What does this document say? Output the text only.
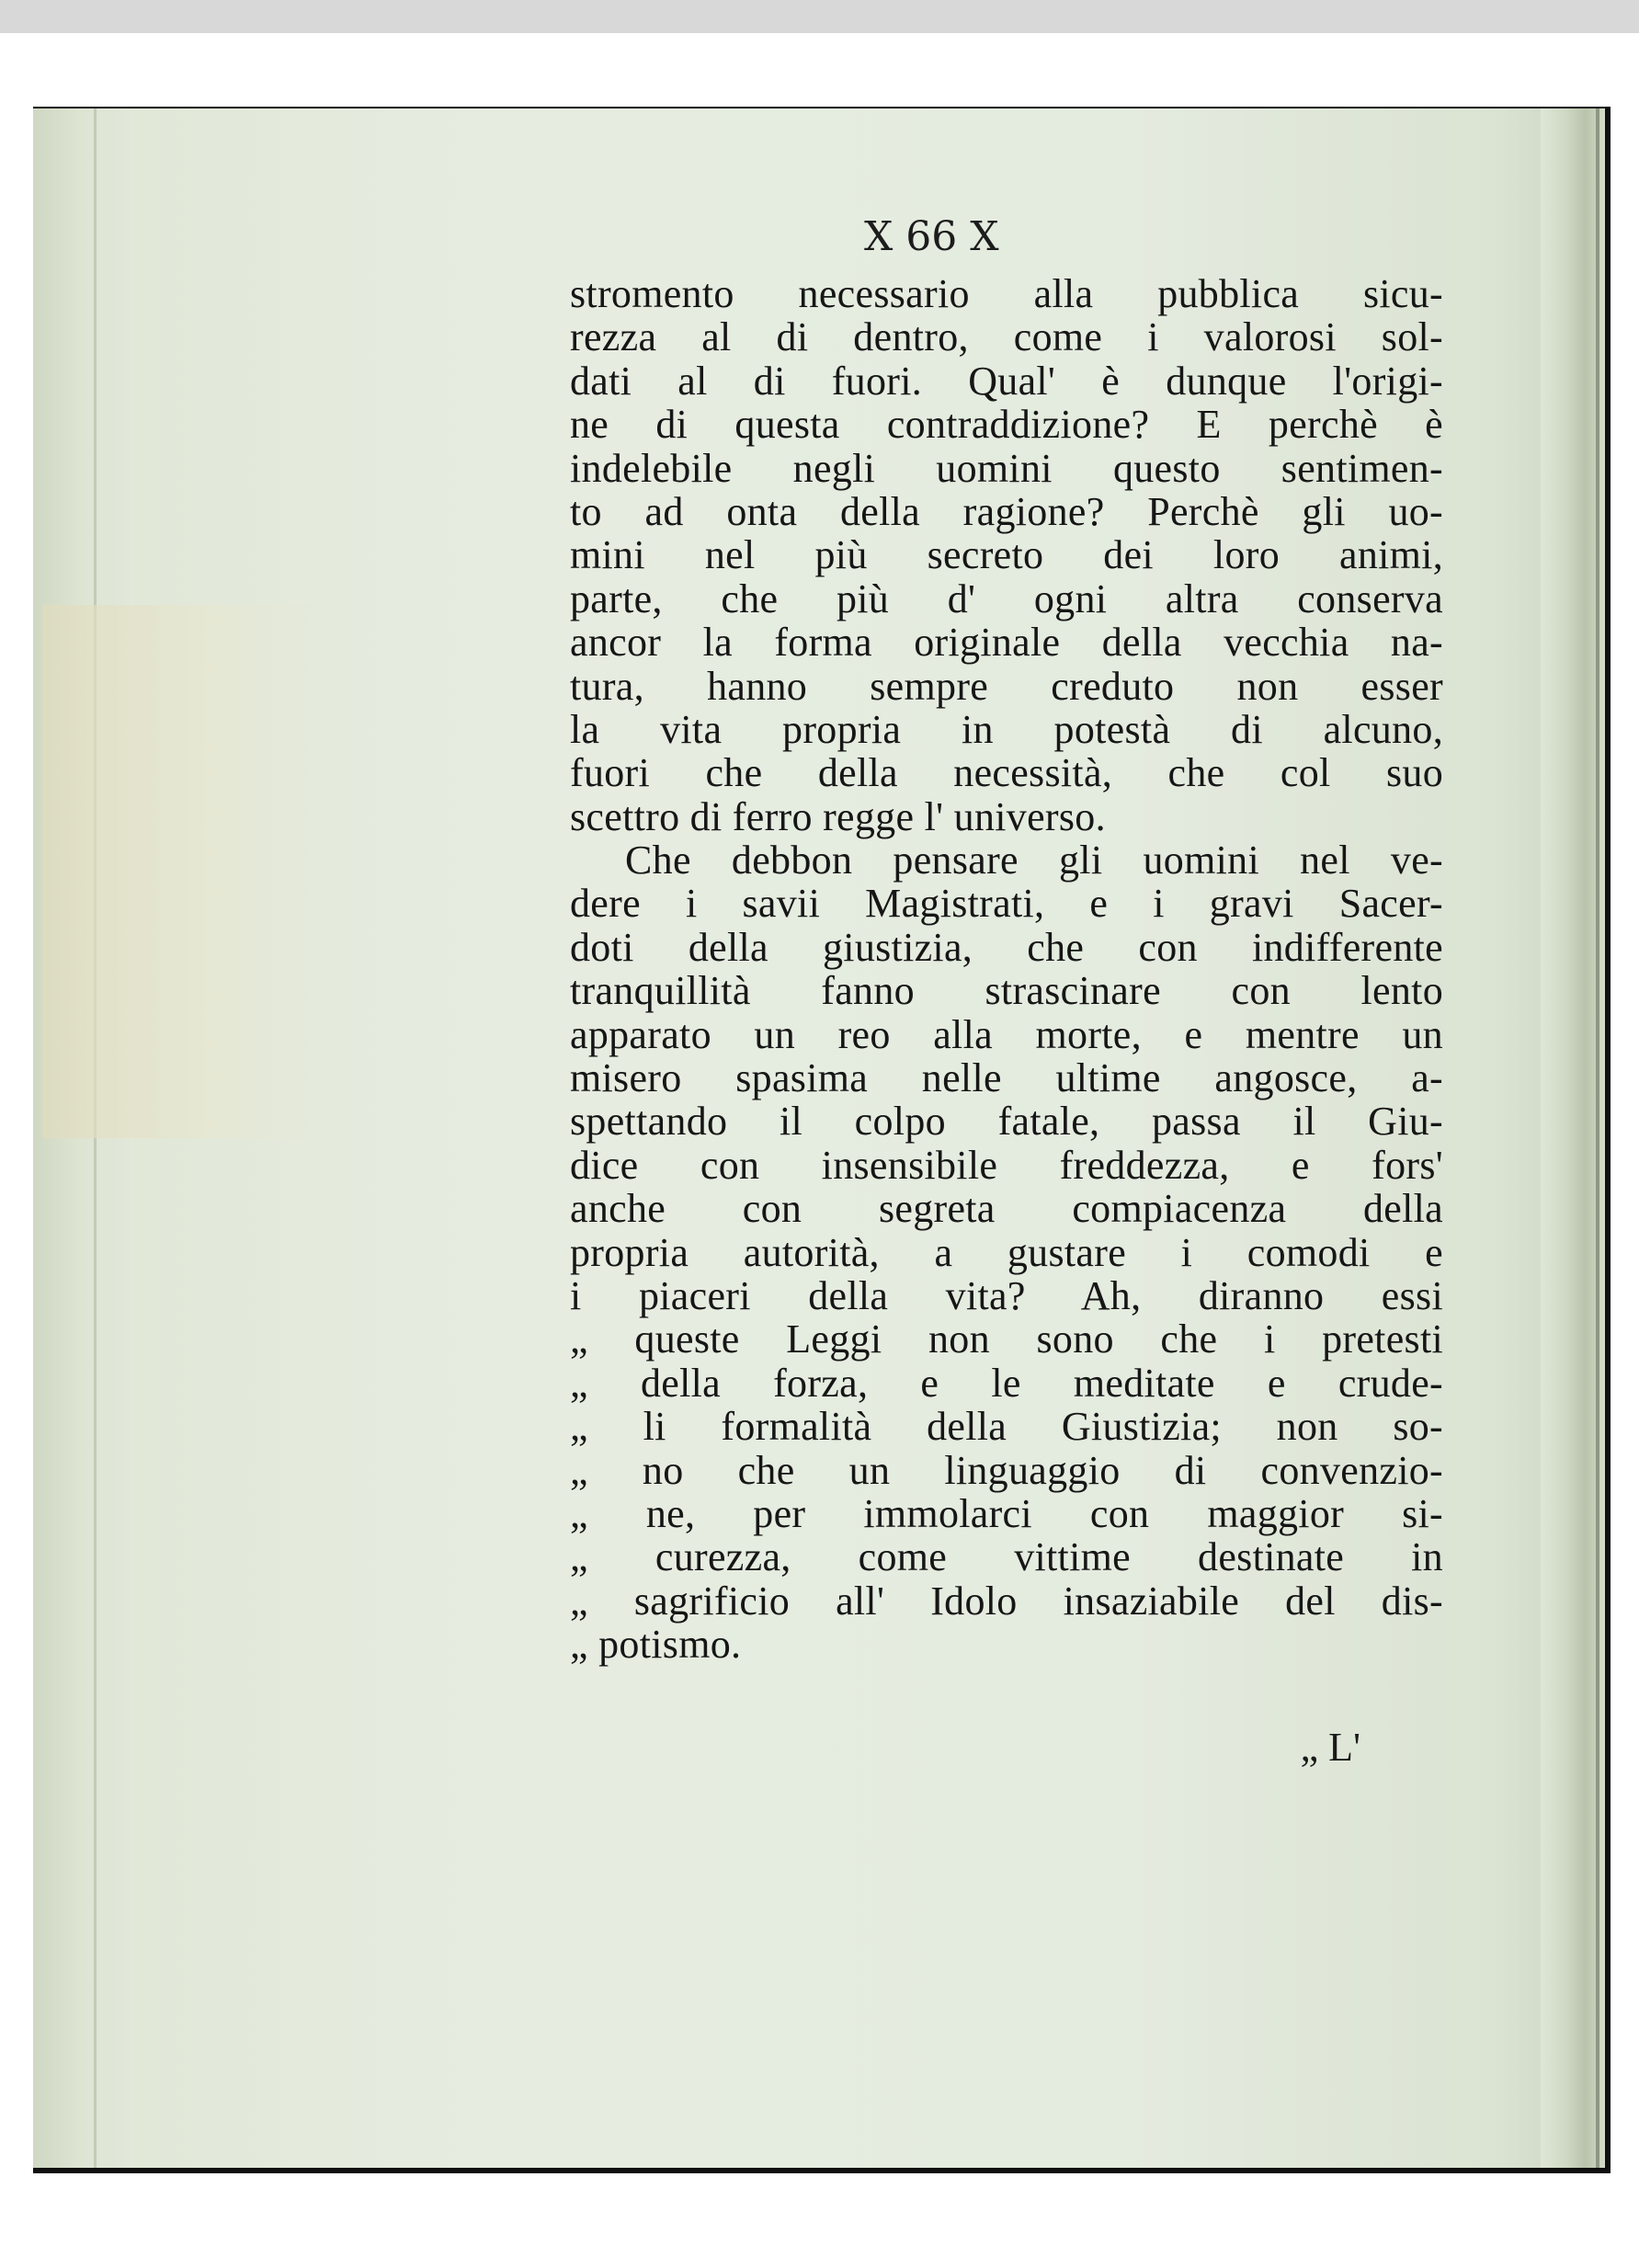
X 66 X
stromento necessario alla pubblica sicu-
rezza al di dentro, come i valorosi sol-
dati al di fuori. Qual' è dunque l'origi-
ne di questa contraddizione? E perchè è
indelebile negli uomini questo sentimen-
to ad onta della ragione? Perchè gli uo-
mini nel più secreto dei loro animi,
parte, che più d' ogni altra conserva
ancor la forma originale della vecchia na-
tura, hanno sempre creduto non esser
la vita propria in potestà di alcuno,
fuori che della necessità, che col suo
scettro di ferro regge l' universo.
Che debbon pensare gli uomini nel ve-
dere i savii Magistrati, e i gravi Sacer-
doti della giustizia, che con indifferente
tranquillità fanno strascinare con lento
apparato un reo alla morte, e mentre un
misero spasima nelle ultime angosce, a-
spettando il colpo fatale, passa il Giu-
dice con insensibile freddezza, e fors'
anche con segreta compiacenza della
propria autorità, a gustare i comodi e
i piaceri della vita? Ah, diranno essi
„ queste Leggi non sono che i pretesti
„ della forza, e le meditate e crude-
„ li formalità della Giustizia; non so-
„ no che un linguaggio di convenzio-
„ ne, per immolarci con maggior si-
„ curezza, come vittime destinate in
„ sagrificio all' Idolo insaziabile del dis-
„ potismo.
„ L'
